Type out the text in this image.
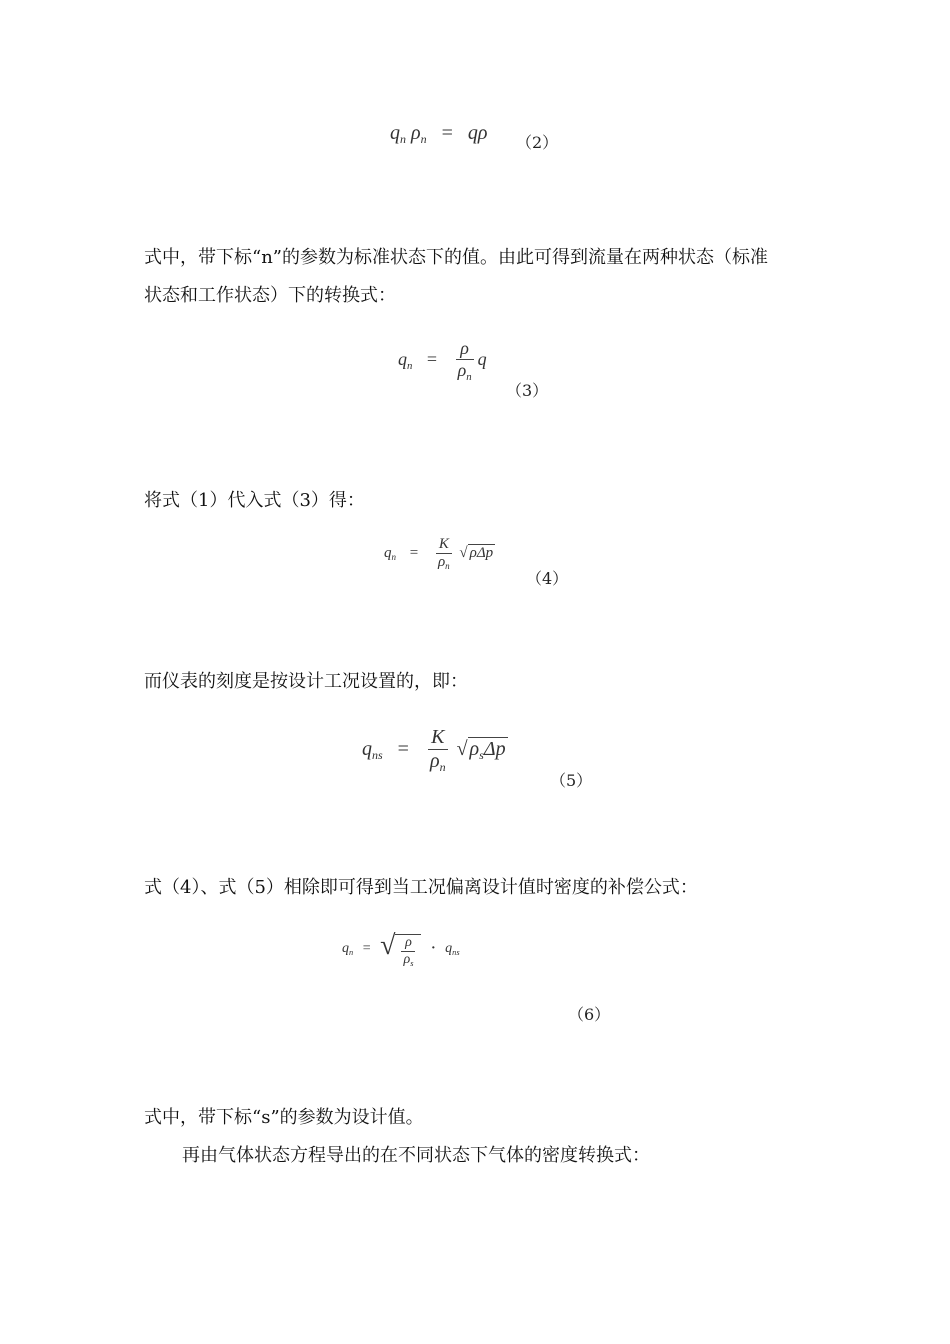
$q_n$ $\rho_n = q\rho$ （2）
式中，带下标“n”的参数为标准状态下的值。由此可得到流量在两种状态（标准
状态和工作状态）下的转换式：
$q_n = \frac{\rho}{\rho_n}$ q
（3）
将式（1）代入式（3）得：
$q_n = \frac{K}{\rho_n}$ √ ρΔp
（4）
而仪表的刻度是按设计工况设置的，即：
$q_{ns} = \frac{K}{\rho_n}$ √ $\rho_s\Delta p$
（5）
式（4）、式（5）相除即可得到当工况偏离设计值时密度的补偿公式：
$q_n$ = √ $\frac{\rho}{\rho_s} \cdot q_{ns}$
（6）
式中，带下标“s”的参数为设计值。
再由气体状态方程导出的在不同状态下气体的密度转换式：
